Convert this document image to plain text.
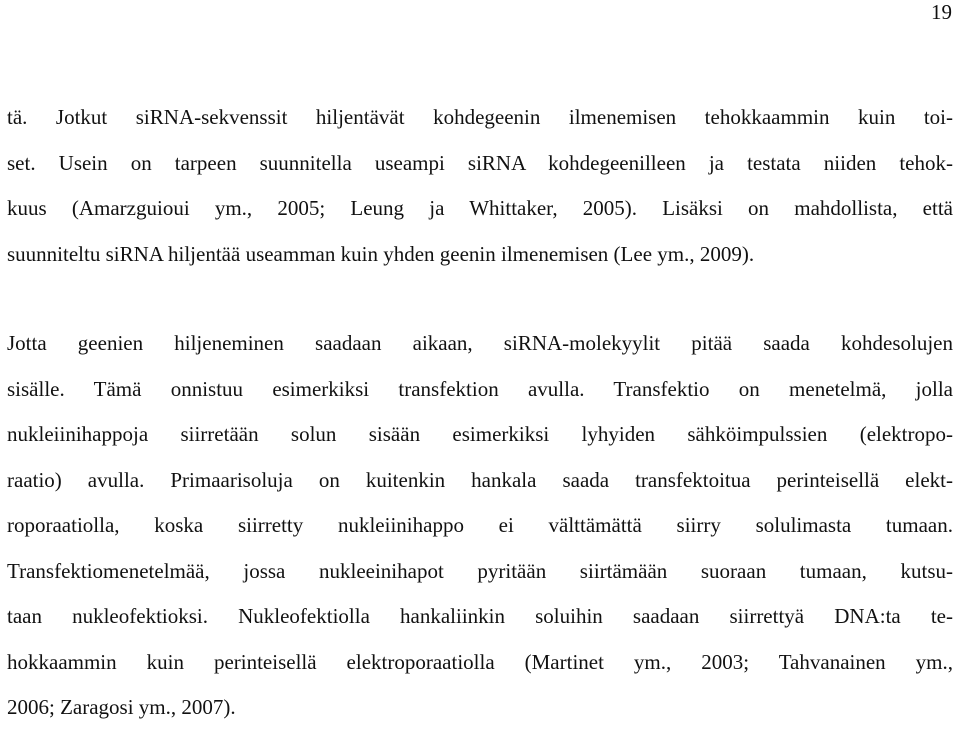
19
tä. Jotkut siRNA-sekvenssit hiljentävät kohdegeenin ilmenemisen tehokkaammin kuin toi-
set. Usein on tarpeen suunnitella useampi siRNA kohdegeenilleen ja testata niiden tehok-
kuus (Amarzguioui ym., 2005; Leung ja Whittaker, 2005). Lisäksi on mahdollista, että
suunniteltu siRNA hiljentää useamman kuin yhden geenin ilmenemisen (Lee ym., 2009).
Jotta geenien hiljeneminen saadaan aikaan, siRNA-molekyylit pitää saada kohdesolujen
sisälle. Tämä onnistuu esimerkiksi transfektion avulla. Transfektio on menetelmä, jolla
nukleiinihappoja siirretään solun sisään esimerkiksi lyhyiden sähköimpulssien (elektropo-
raatio) avulla. Primaarisoluja on kuitenkin hankala saada transfektoitua perinteisellä elekt-
roporaatiolla, koska siirretty nukleiinihappo ei välttämättä siirry solulimasta tumaan.
Transfektiomenetelmää, jossa nukleeinihapot pyritään siirtämään suoraan tumaan, kutsu-
taan nukleofektioksi. Nukleofektiolla hankaliinkin soluihin saadaan siirrettyä DNA:ta te-
hokkaammin kuin perinteisellä elektroporaatiolla (Martinet ym., 2003; Tahvanainen ym.,
2006; Zaragosi ym., 2007).
